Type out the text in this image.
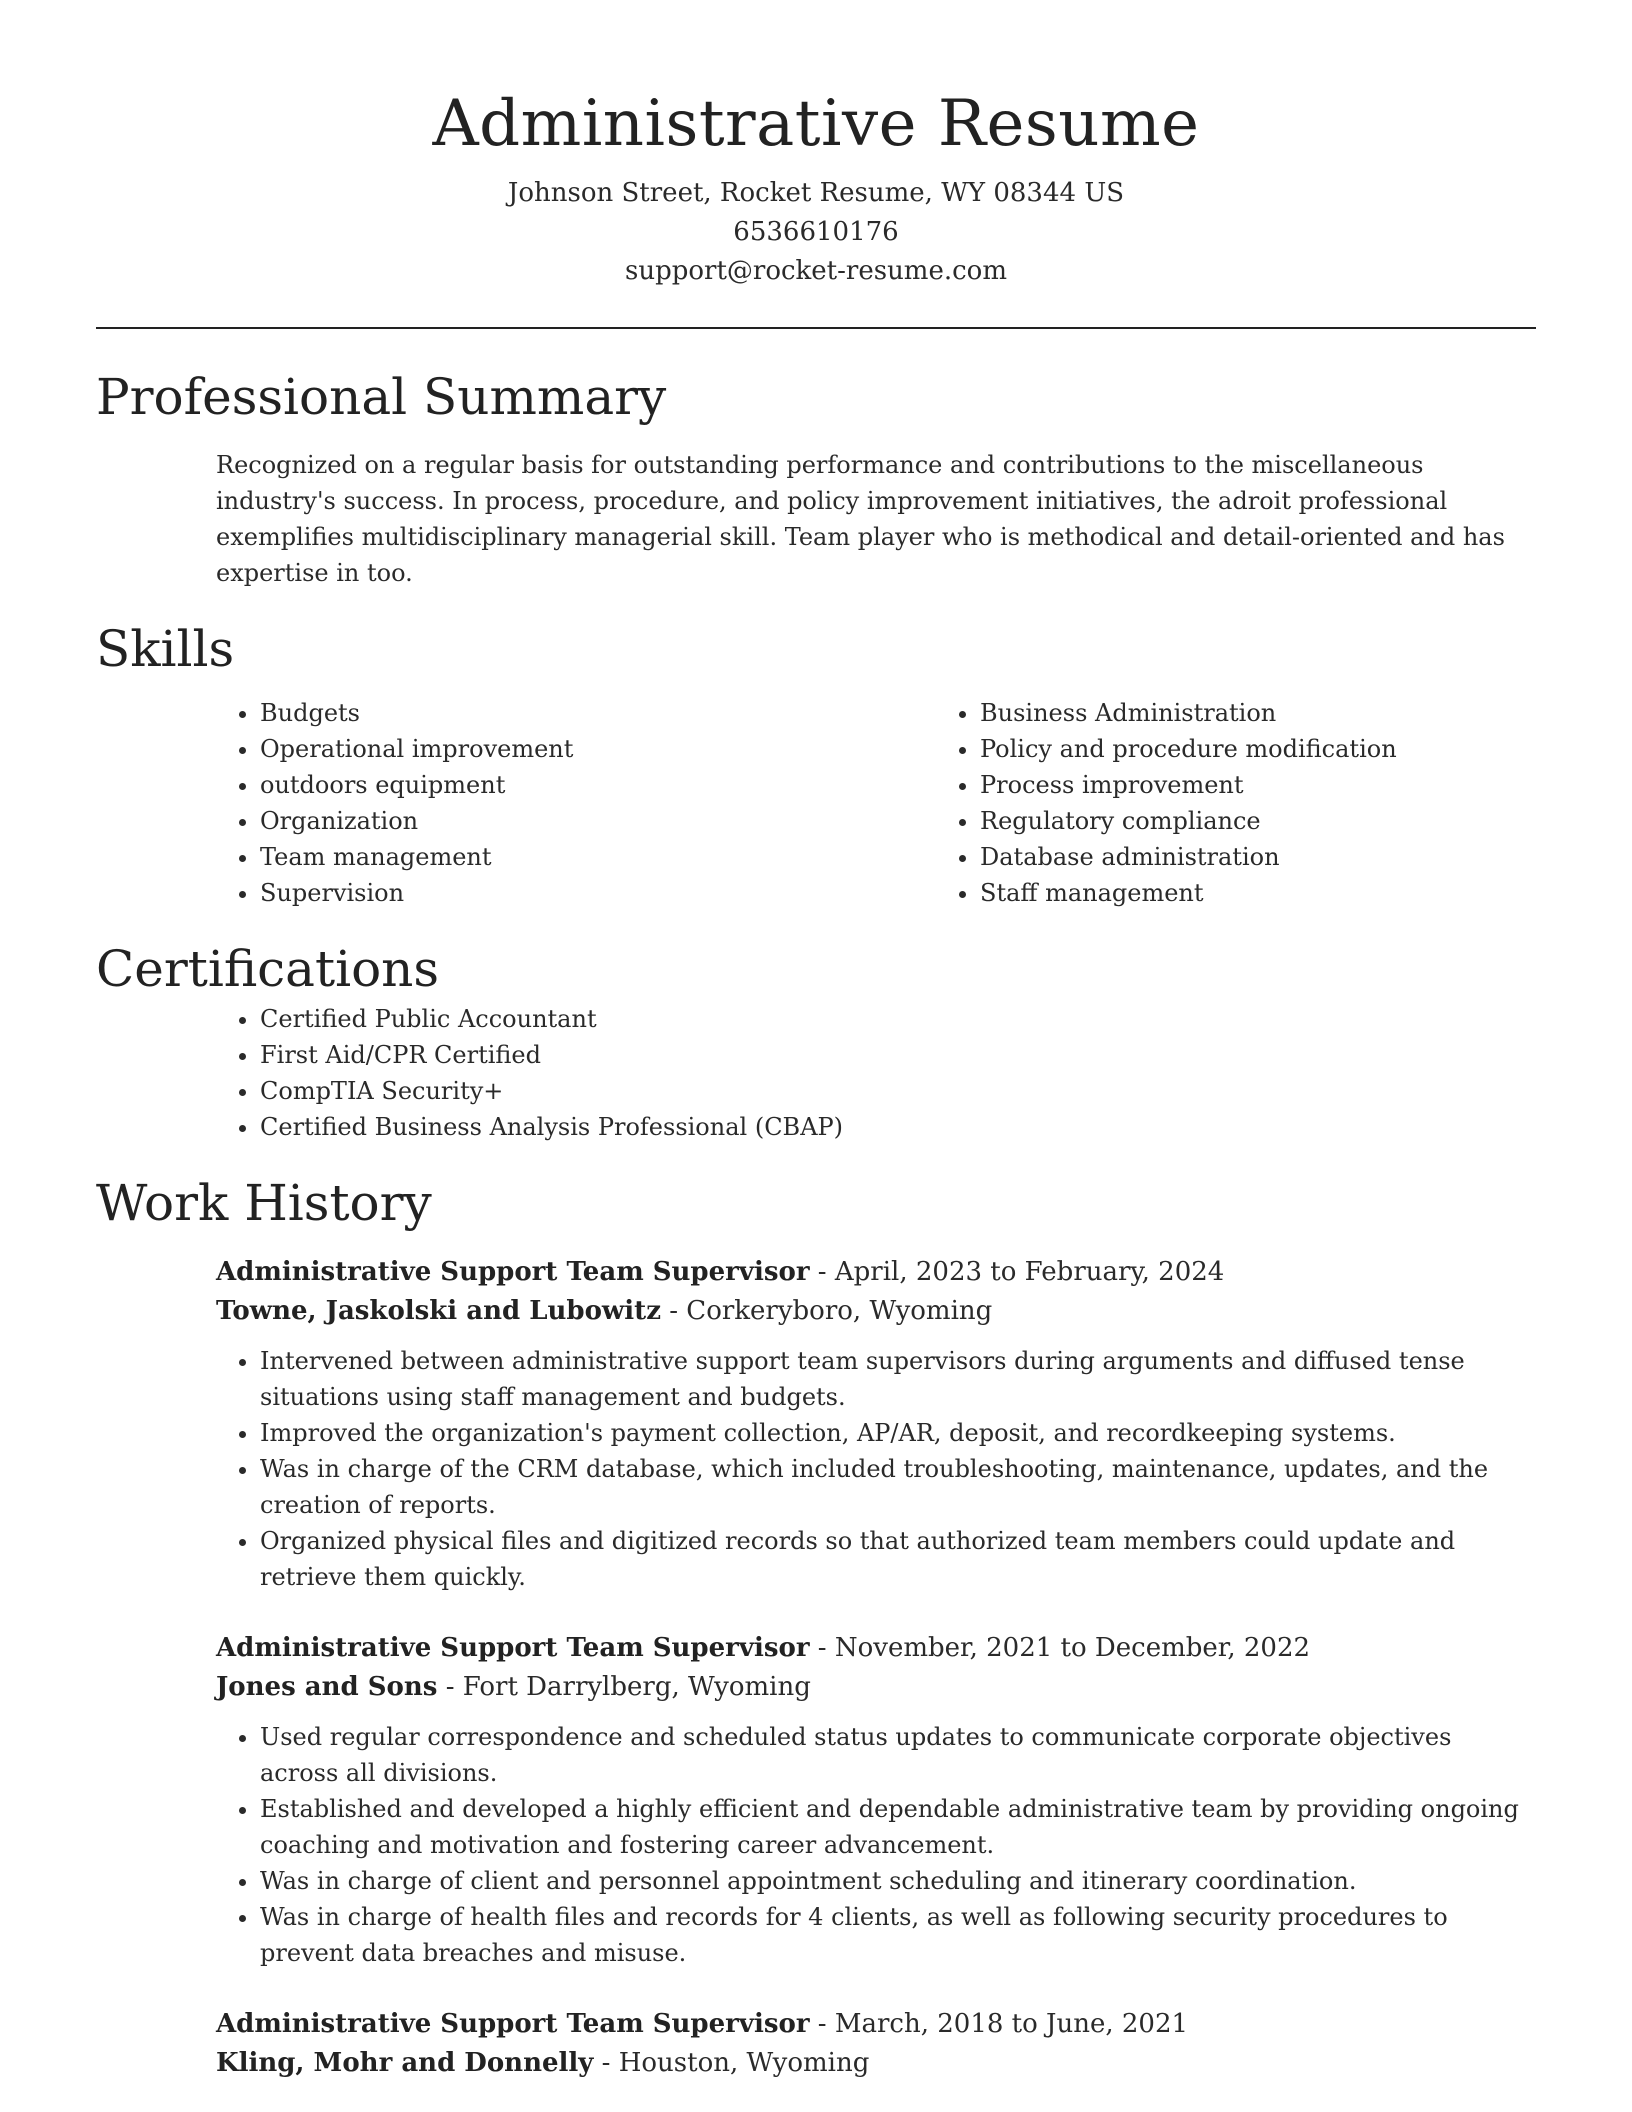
Administrative Resume
Johnson Street, Rocket Resume, WY 08344 US
6536610176
support@rocket-resume.com
Professional Summary

Recognized on a regular basis for outstanding performance and contributions to the miscellaneous industry's success. In process, procedure, and policy improvement initiatives, the adroit professional exemplifies multidisciplinary managerial skill. Team player who is methodical and detail-oriented and has expertise in too.

Skills
• Budgets
• Operational improvement
• outdoors equipment
• Organization
• Team management
• Supervision
• Business Administration
• Policy and procedure modification
• Process improvement
• Regulatory compliance
• Database administration
• Staff management
Certifications
• Certified Public Accountant
• First Aid/CPR Certified
• CompTIA Security+
• Certified Business Analysis Professional (CBAP)
Work History
Administrative Support Team Supervisor - April, 2023 to February, 2024
Towne, Jaskolski and Lubowitz - Corkeryboro, Wyoming
• Intervened between administrative support team supervisors during arguments and diffused tense situations using staff management and budgets.
• Improved the organization's payment collection, AP/AR, deposit, and recordkeeping systems.
• Was in charge of the CRM database, which included troubleshooting, maintenance, updates, and the creation of reports.
• Organized physical files and digitized records so that authorized team members could update and retrieve them quickly.
Administrative Support Team Supervisor - November, 2021 to December, 2022
Jones and Sons - Fort Darrylberg, Wyoming
• Used regular correspondence and scheduled status updates to communicate corporate objectives across all divisions.
• Established and developed a highly efficient and dependable administrative team by providing ongoing coaching and motivation and fostering career advancement.
• Was in charge of client and personnel appointment scheduling and itinerary coordination.
• Was in charge of health files and records for 4 clients, as well as following security procedures to prevent data breaches and misuse.
Administrative Support Team Supervisor - March, 2018 to June, 2021
Kling, Mohr and Donnelly - Houston, Wyoming
